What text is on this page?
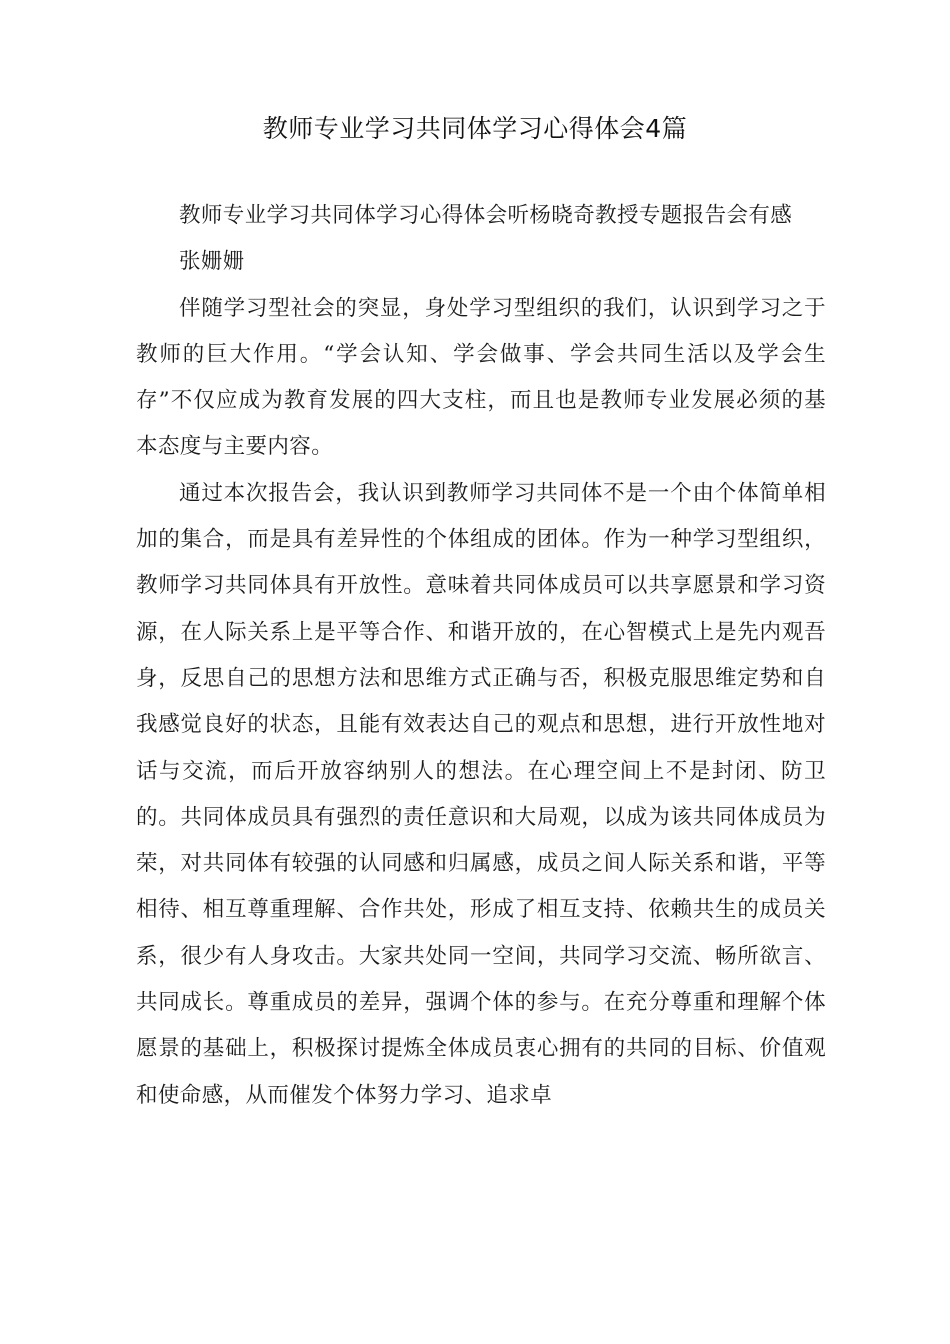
教师专业学习共同体学习心得体会4篇

教师专业学习共同体学习心得体会听杨晓奇教授专题报告会有感

张姗姗

伴随学习型社会的突显，身处学习型组织的我们，认识到学习之于教师的巨大作用。“学会认知、学会做事、学会共同生活以及学会生存”不仅应成为教育发展的四大支柱，而且也是教师专业发展必须的基本态度与主要内容。

通过本次报告会，我认识到教师学习共同体不是一个由个体简单相加的集合，而是具有差异性的个体组成的团体。作为一种学习型组织，教师学习共同体具有开放性。意味着共同体成员可以共享愿景和学习资源，在人际关系上是平等合作、和谐开放的，在心智模式上是先内观吾身，反思自己的思想方法和思维方式正确与否，积极克服思维定势和自我感觉良好的状态，且能有效表达自己的观点和思想，进行开放性地对话与交流，而后开放容纳别人的想法。在心理空间上不是封闭、防卫的。共同体成员具有强烈的责任意识和大局观，以成为该共同体成员为荣，对共同体有较强的认同感和归属感，成员之间人际关系和谐，平等相待、相互尊重理解、合作共处，形成了相互支持、依赖共生的成员关系，很少有人身攻击。大家共处同一空间，共同学习交流、畅所欲言、共同成长。尊重成员的差异，强调个体的参与。在充分尊重和理解个体愿景的基础上，积极探讨提炼全体成员衷心拥有的共同的目标、价值观和使命感，从而催发个体努力学习、追求卓
